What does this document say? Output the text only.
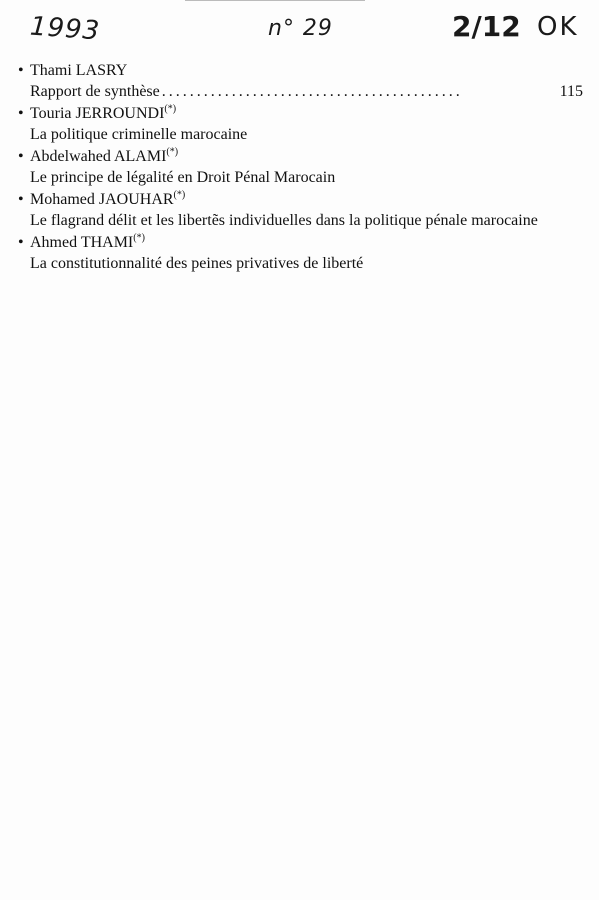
1993	n° 29	2/12 OK
• Thami LASRY
Rapport de synthèse ...........................................	115
• Touria JERROUNDI(*)
La politique criminelle marocaine
• Abdelwahed ALAMI(*)
Le principe de légalité en Droit Pénal Marocain
• Mohamed JAOUHAR(*)
Le flagrand délit et les libertẽs individuelles dans la politique pénale marocaine
• Ahmed THAMI(*)
La constitutionnalité des peines privatives de liberté
